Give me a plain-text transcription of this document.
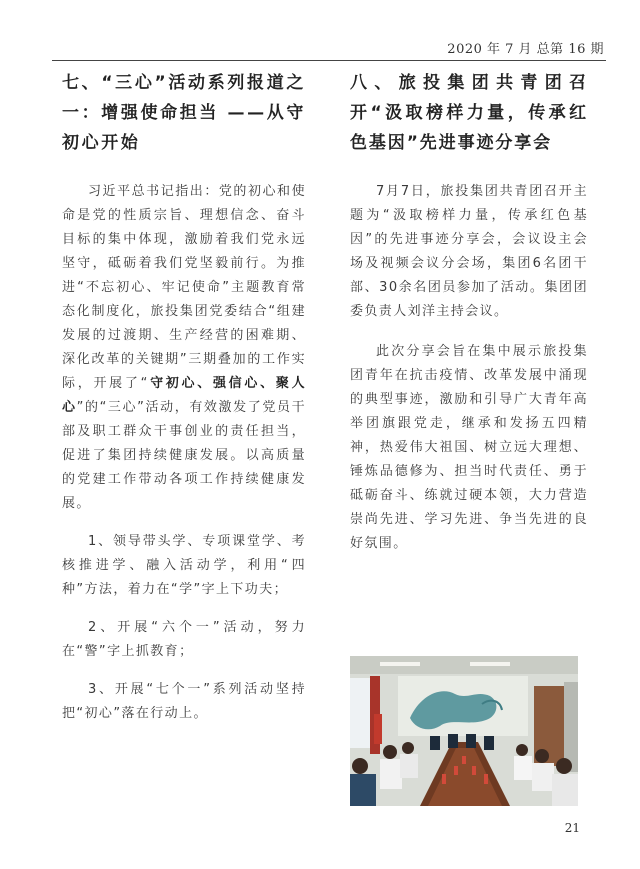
2020 年 7 月 总第 16 期
七、“三心”活动系列报道之一：增强使命担当 ——从守初心开始

习近平总书记指出：党的初心和使命是党的性质宗旨、理想信念、奋斗目标的集中体现，激励着我们党永远坚守，砥砺着我们党坚毅前行。为推进“不忘初心、牢记使命”主题教育常态化制度化，旅投集团党委结合“组建发展的过渡期、生产经营的困难期、深化改革的关键期”三期叠加的工作实际，开展了“守初心、强信心、聚人心”的“三心”活动，有效激发了党员干部及职工群众干事创业的责任担当，促进了集团持续健康发展。以高质量的党建工作带动各项工作持续健康发展。

1、领导带头学、专项课堂学、考核推进学、融入活动学，利用“四种”方法，着力在“学”字上下功夫；

2、开展“六个一”活动，努力在“警”字上抓教育；

3、开展“七个一”系列活动坚持把“初心”落在行动上。

八、旅投集团共青团召开“汲取榜样力量，传承红色基因”先进事迹分享会

7月7日，旅投集团共青团召开主题为“汲取榜样力量，传承红色基因”的先进事迹分享会，会议设主会场及视频会议分会场，集团6名团干部、30余名团员参加了活动。集团团委负责人刘洋主持会议。

此次分享会旨在集中展示旅投集团青年在抗击疫情、改革发展中涌现的典型事迹，激励和引导广大青年高举团旗跟党走，继承和发扬五四精神，热爱伟大祖国、树立远大理想、锤炼品德修为、担当时代责任、勇于砥砺奋斗、练就过硬本领，大力营造崇尚先进、学习先进、争当先进的良好氛围。

21
